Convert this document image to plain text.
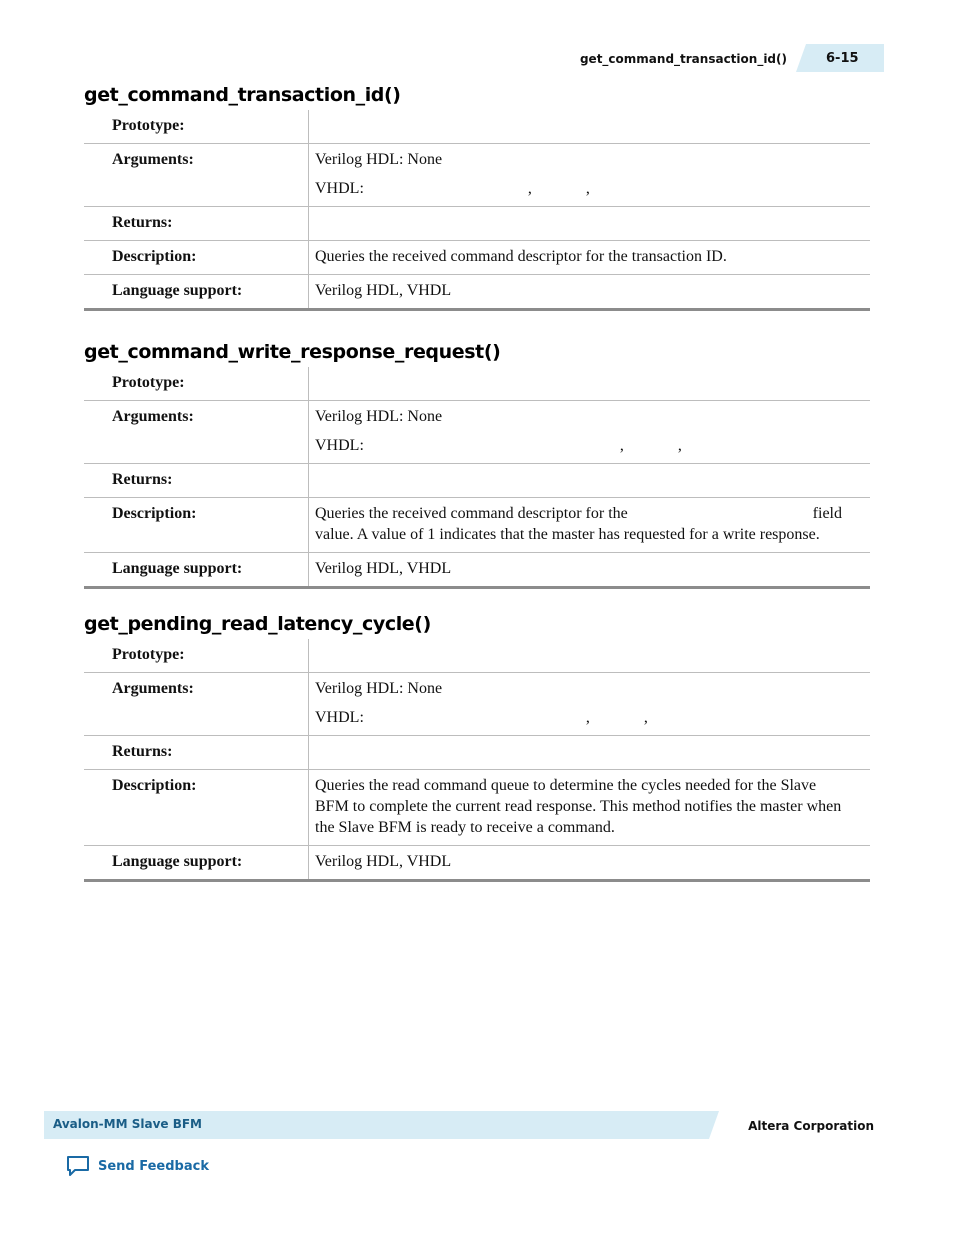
get_command_transaction_id()	6-15
get_command_transaction_id()
Prototype:	
Arguments:	Verilog HDL: None
VHDL: , ,

Returns:	
Description:	Queries the received command descriptor for the transaction ID.
Language support:	Verilog HDL, VHDL
get_command_write_response_request()
Prototype:	
Arguments:	Verilog HDL: None
VHDL: , ,

Returns:	
Description:	Queries the received command descriptor for the field
value. A value of 1 indicates that the master has requested for a write response.

Language support:	Verilog HDL, VHDL
get_pending_read_latency_cycle()
Prototype:	
Arguments:	Verilog HDL: None
VHDL: , ,

Returns:	
Description:	Queries the read command queue to determine the cycles needed for the Slave BFM to complete the current read response. This method notifies the master when the Slave BFM is ready to receive a command.
Language support:	Verilog HDL, VHDL
Avalon-MM Slave BFM	Altera Corporation
Send Feedback
